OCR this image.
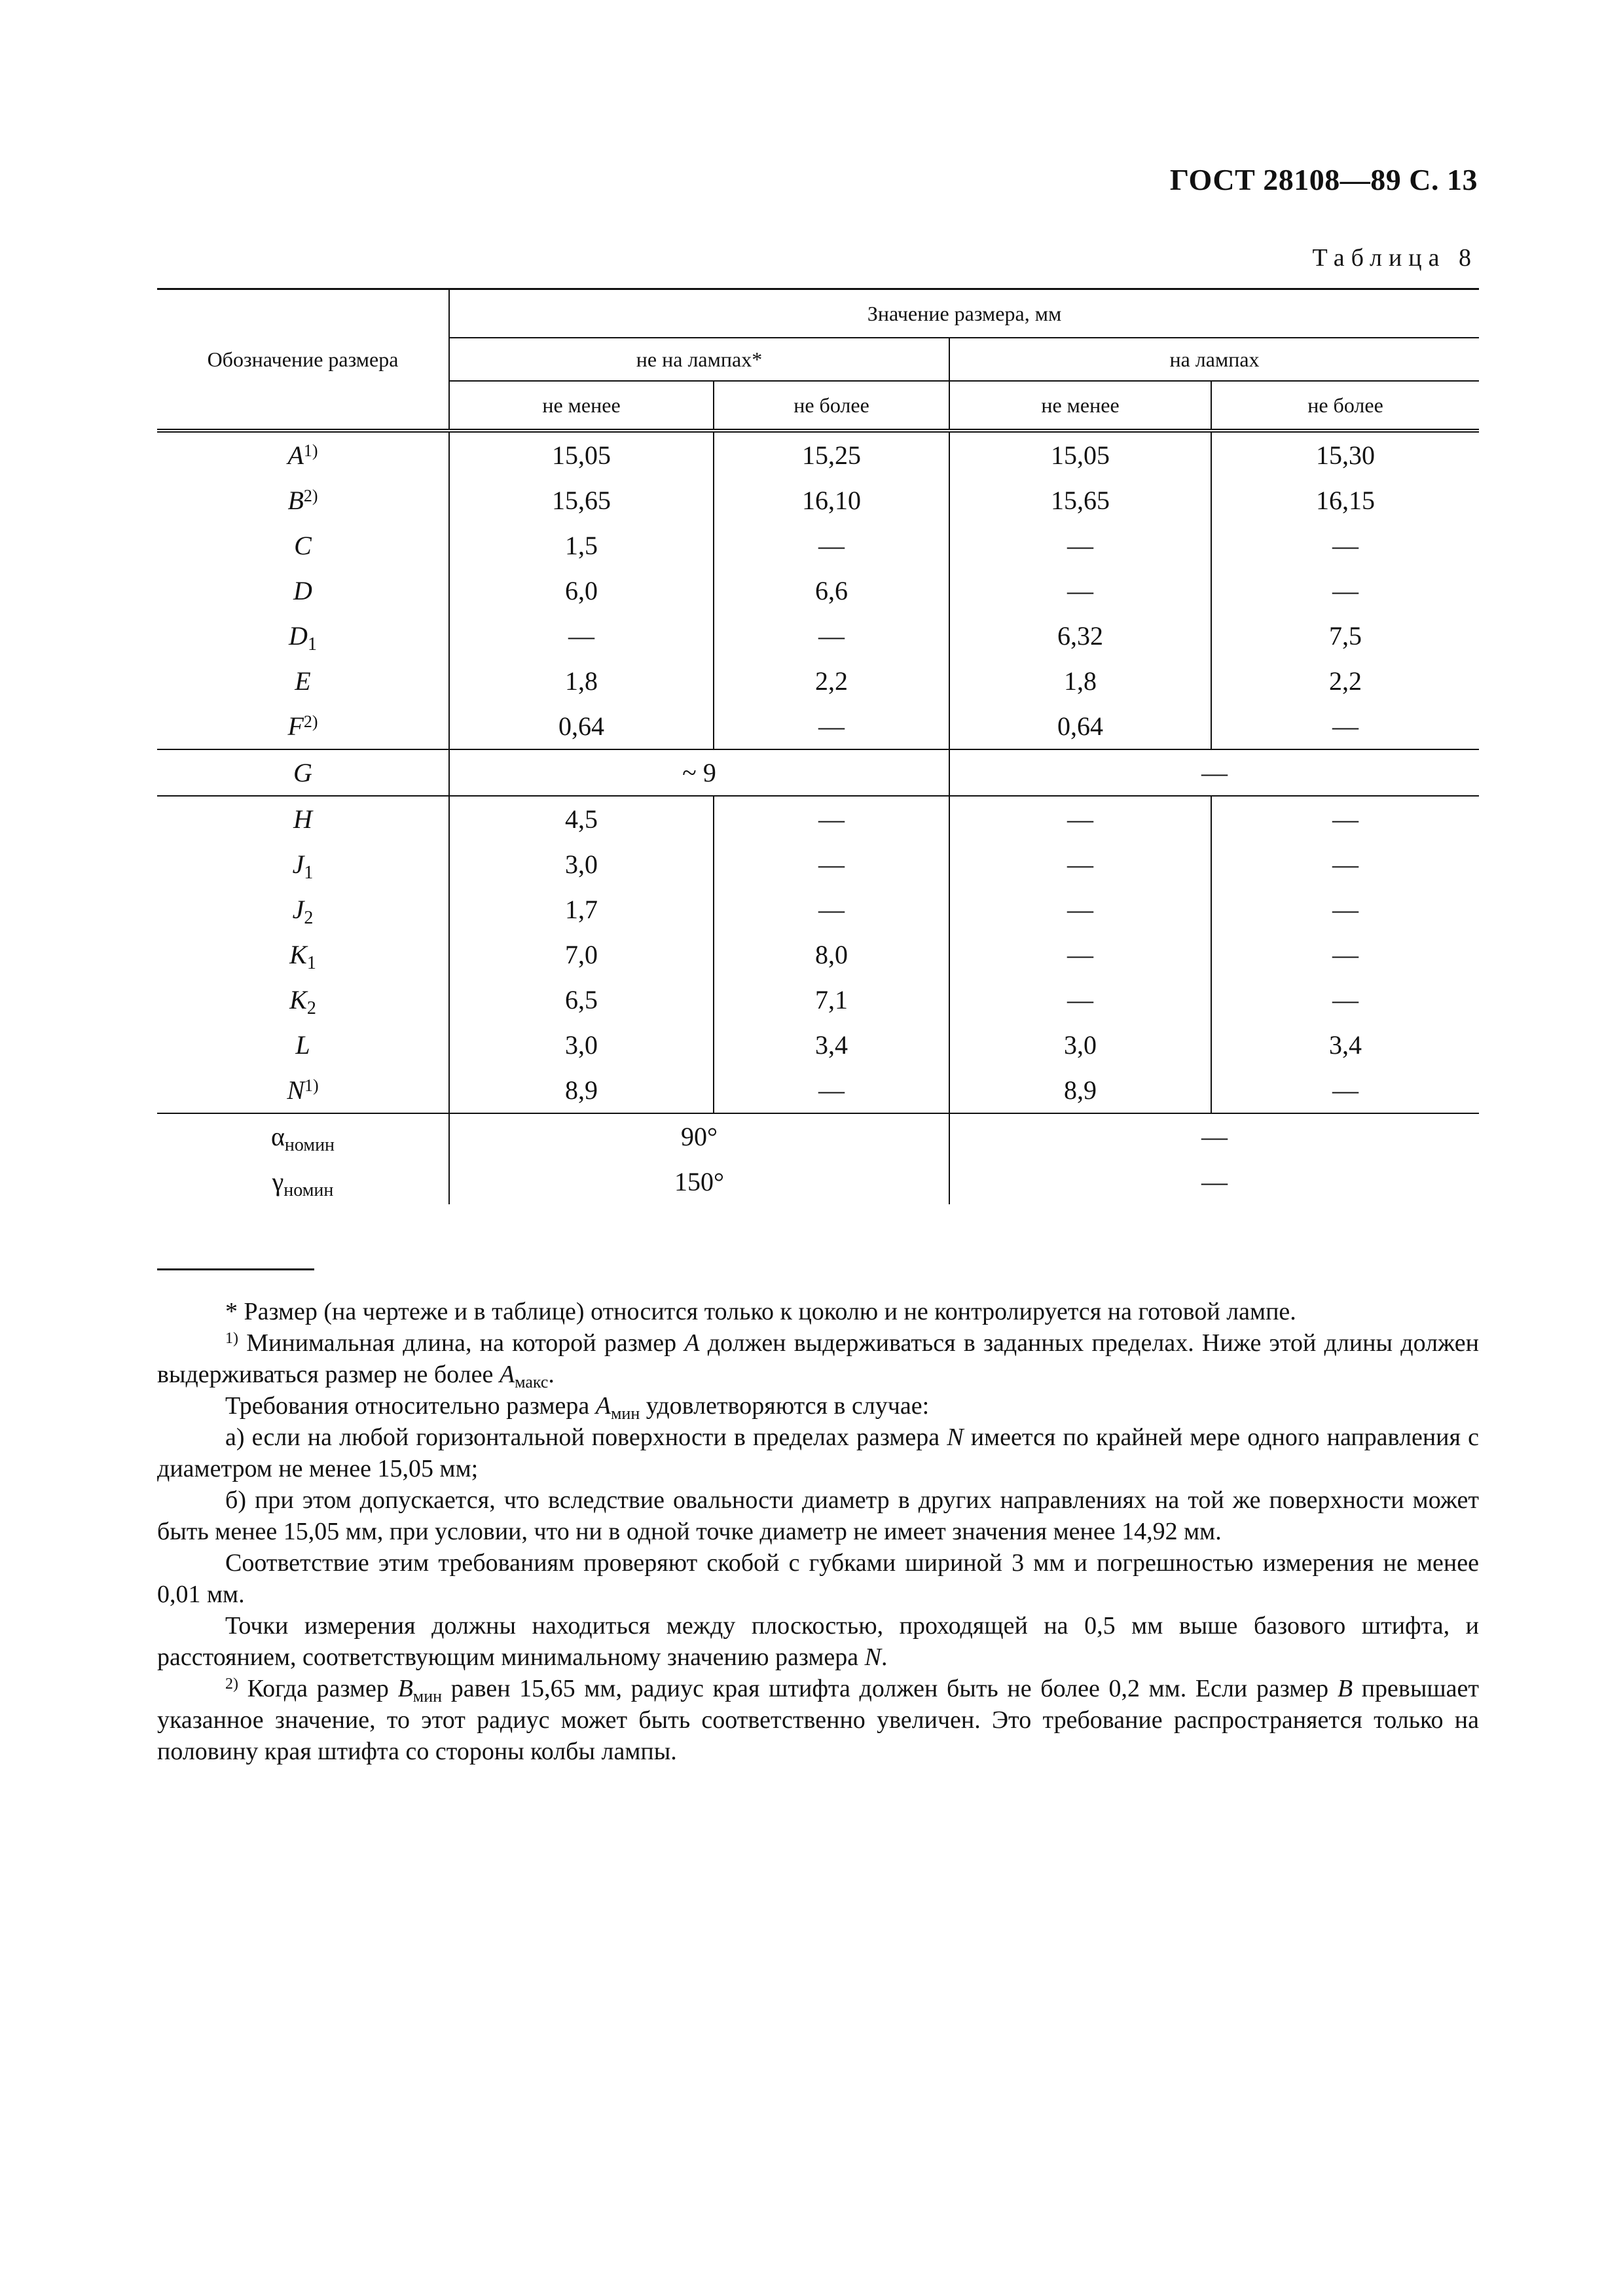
ГОСТ 28108—89 С. 13
Таблица 8
Обозначение размера	Значение размера, мм			
	не на лампах*		на лампах	
	не менее	не более	не менее	не более
$A^{1)}$	15,05	15,25	15,05	15,30
$B^{2)}$	15,65	16,10	15,65	16,15
C	1,5	—	—	—
D	6,0	6,6	—	—
$D_1$	—	—	6,32	7,5
E	1,8	2,2	1,8	2,2
$F^{2)}$	0,64	—	0,64	—
G	~ 9		—	
H	4,5	—	—	—
$J_1$	3,0	—	—	—
$J_2$	1,7	—	—	—
$K_1$	7,0	8,0	—	—
$K_2$	6,5	7,1	—	—
L	3,0	3,4	3,0	3,4
$N^{1)}$	8,9	—	8,9	—
$\alpha_{номин}$	90°		—	
$\gamma_{номин}$	150°		—	

* Размер (на чертеже и в таблице) относится только к цоколю и не контролируется на готовой лампе.

$^{1)}$ Минимальная длина, на которой размер A должен выдерживаться в заданных пределах. Ниже этой длины должен выдерживаться размер не более $A_{макс}$.

Требования относительно размера $A_{мин}$ удовлетворяются в случае:

а) если на любой горизонтальной поверхности в пределах размера N имеется по крайней мере одного направления с диаметром не менее 15,05 мм;

б) при этом допускается, что вследствие овальности диаметр в других направлениях на той же поверхности может быть менее 15,05 мм, при условии, что ни в одной точке диаметр не имеет значения менее 14,92 мм.

Соответствие этим требованиям проверяют скобой с губками шириной 3 мм и погрешностью измерения не менее 0,01 мм.

Точки измерения должны находиться между плоскостью, проходящей на 0,5 мм выше базового штифта, и расстоянием, соответствующим минимальному значению размера N.

$^{2)}$ Когда размер $B_{мин}$ равен 15,65 мм, радиус края штифта должен быть не более 0,2 мм. Если размер B превышает указанное значение, то этот радиус может быть соответственно увеличен. Это требование распространяется только на половину края штифта со стороны колбы лампы.
